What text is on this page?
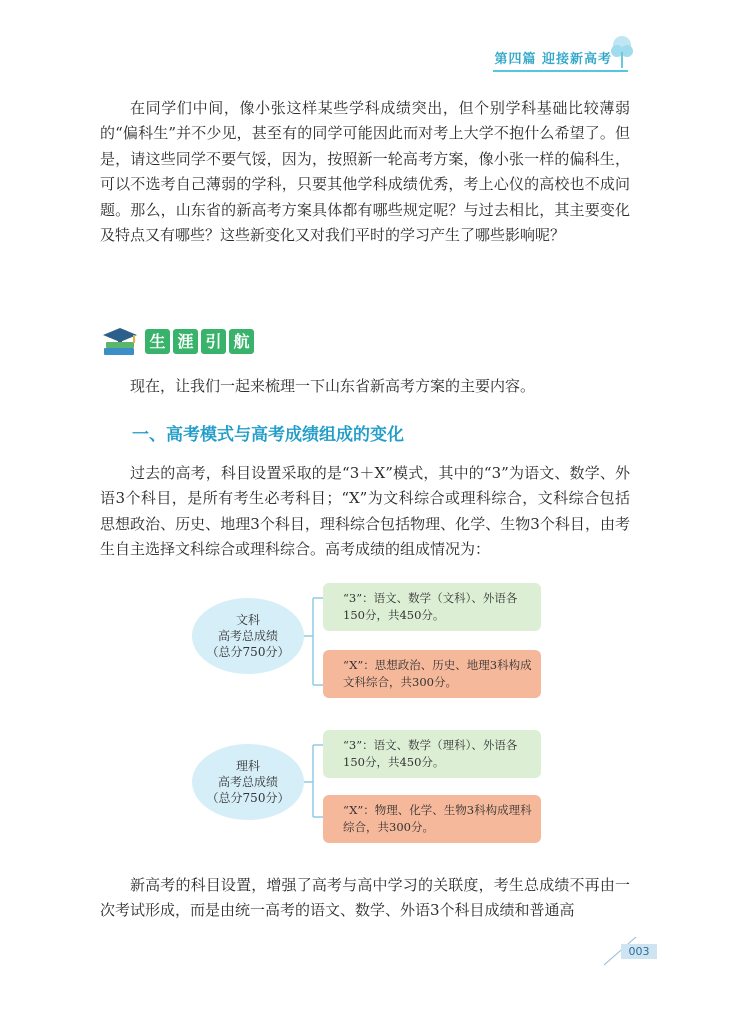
第四篇 迎接新高考

在同学们中间，像小张这样某些学科成绩突出，但个别学科基础比较薄弱的“偏科生”并不少见，甚至有的同学可能因此而对考上大学不抱什么希望了。但是，请这些同学不要气馁，因为，按照新一轮高考方案，像小张一样的偏科生，可以不选考自己薄弱的学科，只要其他学科成绩优秀，考上心仪的高校也不成问题。那么，山东省的新高考方案具体都有哪些规定呢？与过去相比，其主要变化及特点又有哪些？这些新变化又对我们平时的学习产生了哪些影响呢？

生 涯 引 航

现在，让我们一起来梳理一下山东省新高考方案的主要内容。

一、高考模式与高考成绩组成的变化

过去的高考，科目设置采取的是“3＋X”模式，其中的“3”为语文、数学、外语3个科目，是所有考生必考科目；“X”为文科综合或理科综合，文科综合包括思想政治、历史、地理3个科目，理科综合包括物理、化学、生物3个科目，由考生自主选择文科综合或理科综合。高考成绩的组成情况为：

文科
高考总成绩
（总分750分）
“3”：语文、数学（文科）、外语各150分，共450分。
“X”：思想政治、历史、地理3科构成文科综合，共300分。
理科
高考总成绩
（总分750分）
“3”：语文、数学（理科）、外语各150分，共450分。
“X”：物理、化学、生物3科构成理科综合，共300分。

新高考的科目设置，增强了高考与高中学习的关联度，考生总成绩不再由一次考试形成，而是由统一高考的语文、数学、外语3个科目成绩和普通高

003
